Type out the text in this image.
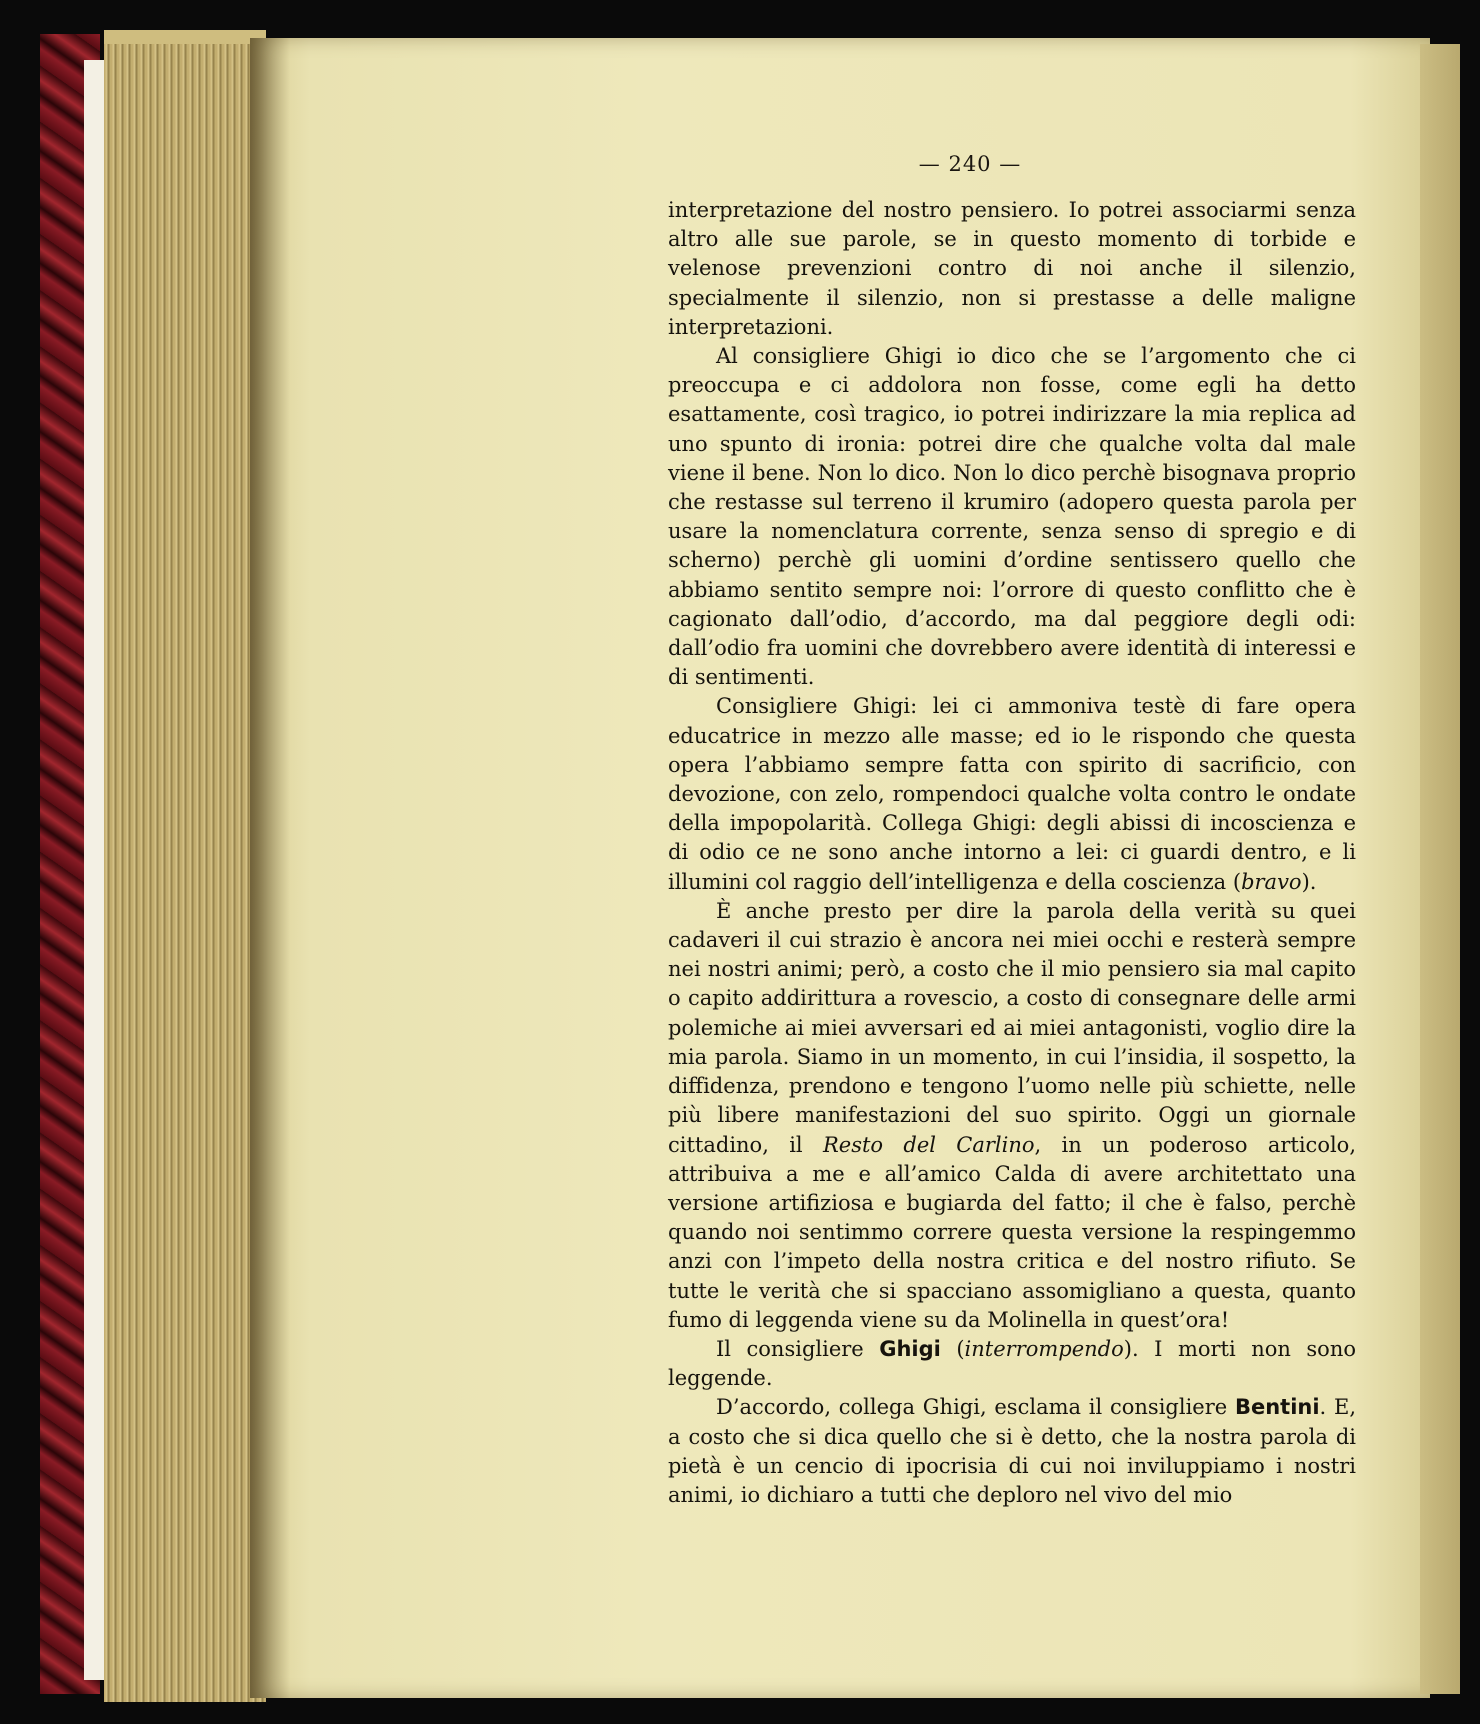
— 240 —

interpretazione del nostro pensiero. Io potrei associarmi senza altro alle sue parole, se in questo momento di torbide e velenose prevenzioni contro di noi anche il silenzio, specialmente il silenzio, non si prestasse a delle maligne interpretazioni.

Al consigliere Ghigi io dico che se l’argomento che ci preoccupa e ci addolora non fosse, come egli ha detto esattamente, così tragico, io potrei indirizzare la mia replica ad uno spunto di ironia: potrei dire che qualche volta dal male viene il bene. Non lo dico. Non lo dico perchè bisognava proprio che restasse sul terreno il krumiro (adopero questa parola per usare la nomenclatura corrente, senza senso di spregio e di scherno) perchè gli uomini d’ordine sentissero quello che abbiamo sentito sempre noi: l’orrore di questo conflitto che è cagionato dall’odio, d’accordo, ma dal peggiore degli odi: dall’odio fra uomini che dovrebbero avere identità di interessi e di sentimenti.

Consigliere Ghigi: lei ci ammoniva testè di fare opera educatrice in mezzo alle masse; ed io le rispondo che questa opera l’abbiamo sempre fatta con spirito di sacrificio, con devozione, con zelo, rompendoci qualche volta contro le ondate della impopolarità. Collega Ghigi: degli abissi di incoscienza e di odio ce ne sono anche intorno a lei: ci guardi dentro, e li illumini col raggio dell’intelligenza e della coscienza (bravo).

È anche presto per dire la parola della verità su quei cadaveri il cui strazio è ancora nei miei occhi e resterà sempre nei nostri animi; però, a costo che il mio pensiero sia mal capito o capito addirittura a rovescio, a costo di consegnare delle armi polemiche ai miei avversari ed ai miei antagonisti, voglio dire la mia parola. Siamo in un momento, in cui l’insidia, il sospetto, la diffidenza, prendono e tengono l’uomo nelle più schiette, nelle più libere manifestazioni del suo spirito. Oggi un giornale cittadino, il Resto del Carlino, in un poderoso articolo, attribuiva a me e all’amico Calda di avere architettato una versione artifiziosa e bugiarda del fatto; il che è falso, perchè quando noi sentimmo correre questa versione la respingemmo anzi con l’impeto della nostra critica e del nostro rifiuto. Se tutte le verità che si spacciano assomigliano a questa, quanto fumo di leggenda viene su da Molinella in quest’ora!

Il consigliere Ghigi (interrompendo). I morti non sono leggende.

D’accordo, collega Ghigi, esclama il consigliere Bentini. E, a costo che si dica quello che si è detto, che la nostra parola di pietà è un cencio di ipocrisia di cui noi inviluppiamo i nostri animi, io dichiaro a tutti che deploro nel vivo del mio
